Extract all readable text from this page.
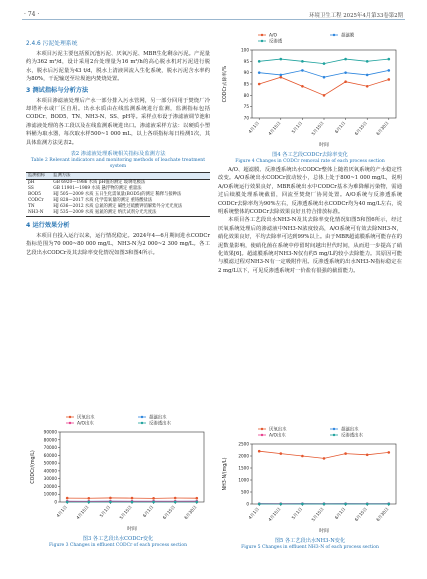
· 74 ·	环境卫生工程 2025年4月第33卷第2期
2.4.6 污泥处理系统

本项目污泥主要包括预沉池污泥、厌氧污泥、MBR生化剩余污泥。产泥量约为362 m³/d，设计采用2台处理量为16 m³/h的高心脱水机对污泥进行脱水，脱水后污泥量为43 t/d，脱水上清液回流入生化系统，脱水污泥含水率约为80%，干泥输送至垃圾池内焚烧处置。

3 测试指标与分析方法

本项目渗滤液处理后产水一部分排入污水管网，另一部分回用于焚烧厂冷却塔补水或厂区自用。出水水质由在线监测系统进行监测，监测指标包括CODCr、BOD5、TN、NH3-N、SS、pH等。采样点布设于渗滤液调节池和渗滤液处理的各工段以及在线监测系统进出口。渗滤液采样方法：以硬质小塑料桶为取水器，每次取水样500~1 000 mL，以上各项指标每日检测1次，其具体监测方法见表2。

表2 渗滤液处理系统相关指标及监测方法
Table 2 Relevant indicators and monitoring methods of leachate treatment system
监测指标	监测方法
pH	GB 6920—1986 水质 pH值的测定 玻璃电极法
SS	GB 11901—1989 水质 悬浮物的测定 重量法
BOD5	HJ 505—2009 水质 五日生化需氧量(BOD5)的测定 稀释与接种法
CODCr	HJ 828—2017 水质 化学需氧量的测定 重铬酸盐法
TN	HJ 636—2012 水质 总氮的测定 碱性过硫酸钾消解紫外分光光度法
NH3-N	HJ 535—2009 水质 氨氮的测定 纳氏试剂分光光度法
4 运行效果分析

本项目自投入运行以来，运行情况稳定。2024年4—6月期间进水CODCr指标范围为70 000~80 000 mg/L，NH3-N为2 000~2 300 mg/L。各工艺段出水CODCr及其去除率变化情况如图3和图4所示。

0
10000
20000
30000
40000
50000
60000
70000
80000
90000
4月1日 4月15日 5月1日 5月15日 6月1日 6月15日 6月30日
时间
CODCr/(mg/L)
厌氧出水	超滤出水
A/O出水	反渗透出水
图3 各工艺段出水CODCr变化
Figure 3 Changes in effluent CODCr of each process section
70
75
80
85
90
95
100
4月1日 4月15日 5月1日 5月15日 6月1日 6月15日 6月30日
时间
CODCr去除率/%
A/O	超滤膜
反渗透
图4 各工艺段CODCr去除率变化
Figure 4 Changes in CODCr removal rate of each process section

A/O、超滤膜、反渗透系统出水CODCr整体上随着厌氧系统的产水稳定性改变。A/O系统出水CODCr波动较小，总体上处于800~1 000 mg/L，说明A/O系统运行效果良好，MBR系统出水中CODCr基本为难降解污染物，需通过后续膜处理系统截留，回流至焚烧厂协同处置。A/O系统与反渗透系统CODCr去除率均为90%左右，反渗透系统出水CODCr均为40 mg/L左右，说明系统整体的CODCr去除效果良好且符合排放标准。

本项目各工艺段出水NH3-N及其去除率变化情况如图5和图6所示，经过厌氧系统处理后的渗滤液中NH3-N浓度较高，A/O系统可有效去除NH3-N，硝化效果良好，平均去除率可达到99%以上。由于MBR超滤膜系统可能存在的泥数量影响，使硝化菌在系统中停留时间越出世代时间，从而进一步提高了硝化效果[6]。超滤膜系统对NH3-N仅有约5 mg/L的较小去除能力。其原因可能与膜滤过程对NH3-N有一定吸附作用。反渗透系统的出水NH3-N指标稳定在2 mg/L以下，可见反渗透系统对一价盐有很强的截留能力。

0
500
1000
1500
2000
2500
4月1日 4月15日 5月1日 5月15日 6月1日 6月15日 6月30日
时间
NH3-N/(mg/L)
厌氧出水	超滤出水
A/O出水	反渗透出水
图5 各工艺段出水NH3-N变化
Figure 5 Changes in effluent NH3-N of each process section
